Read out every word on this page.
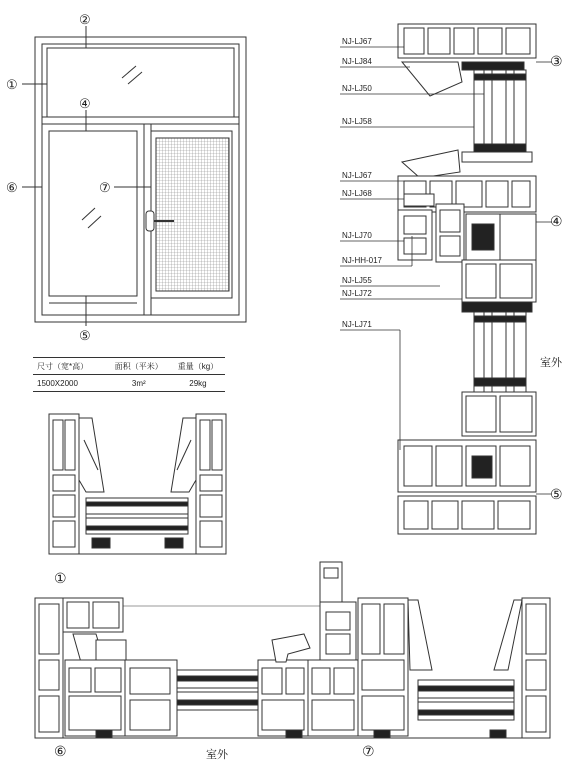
①
②
④
⑥	⑦
⑤
①
NJ-LJ67
NJ-LJ84
NJ-LJ50
NJ-LJ58
NJ-LJ67
NJ-LJ68
NJ-LJ70
NJ-HH-017
NJ-LJ55
NJ-LJ72
NJ-LJ71
③
④
⑤
室外
⑥	⑦
室外
尺寸（宽*高）	面积（平米）	重量（kg）
1500X2000	3m²	29kg
